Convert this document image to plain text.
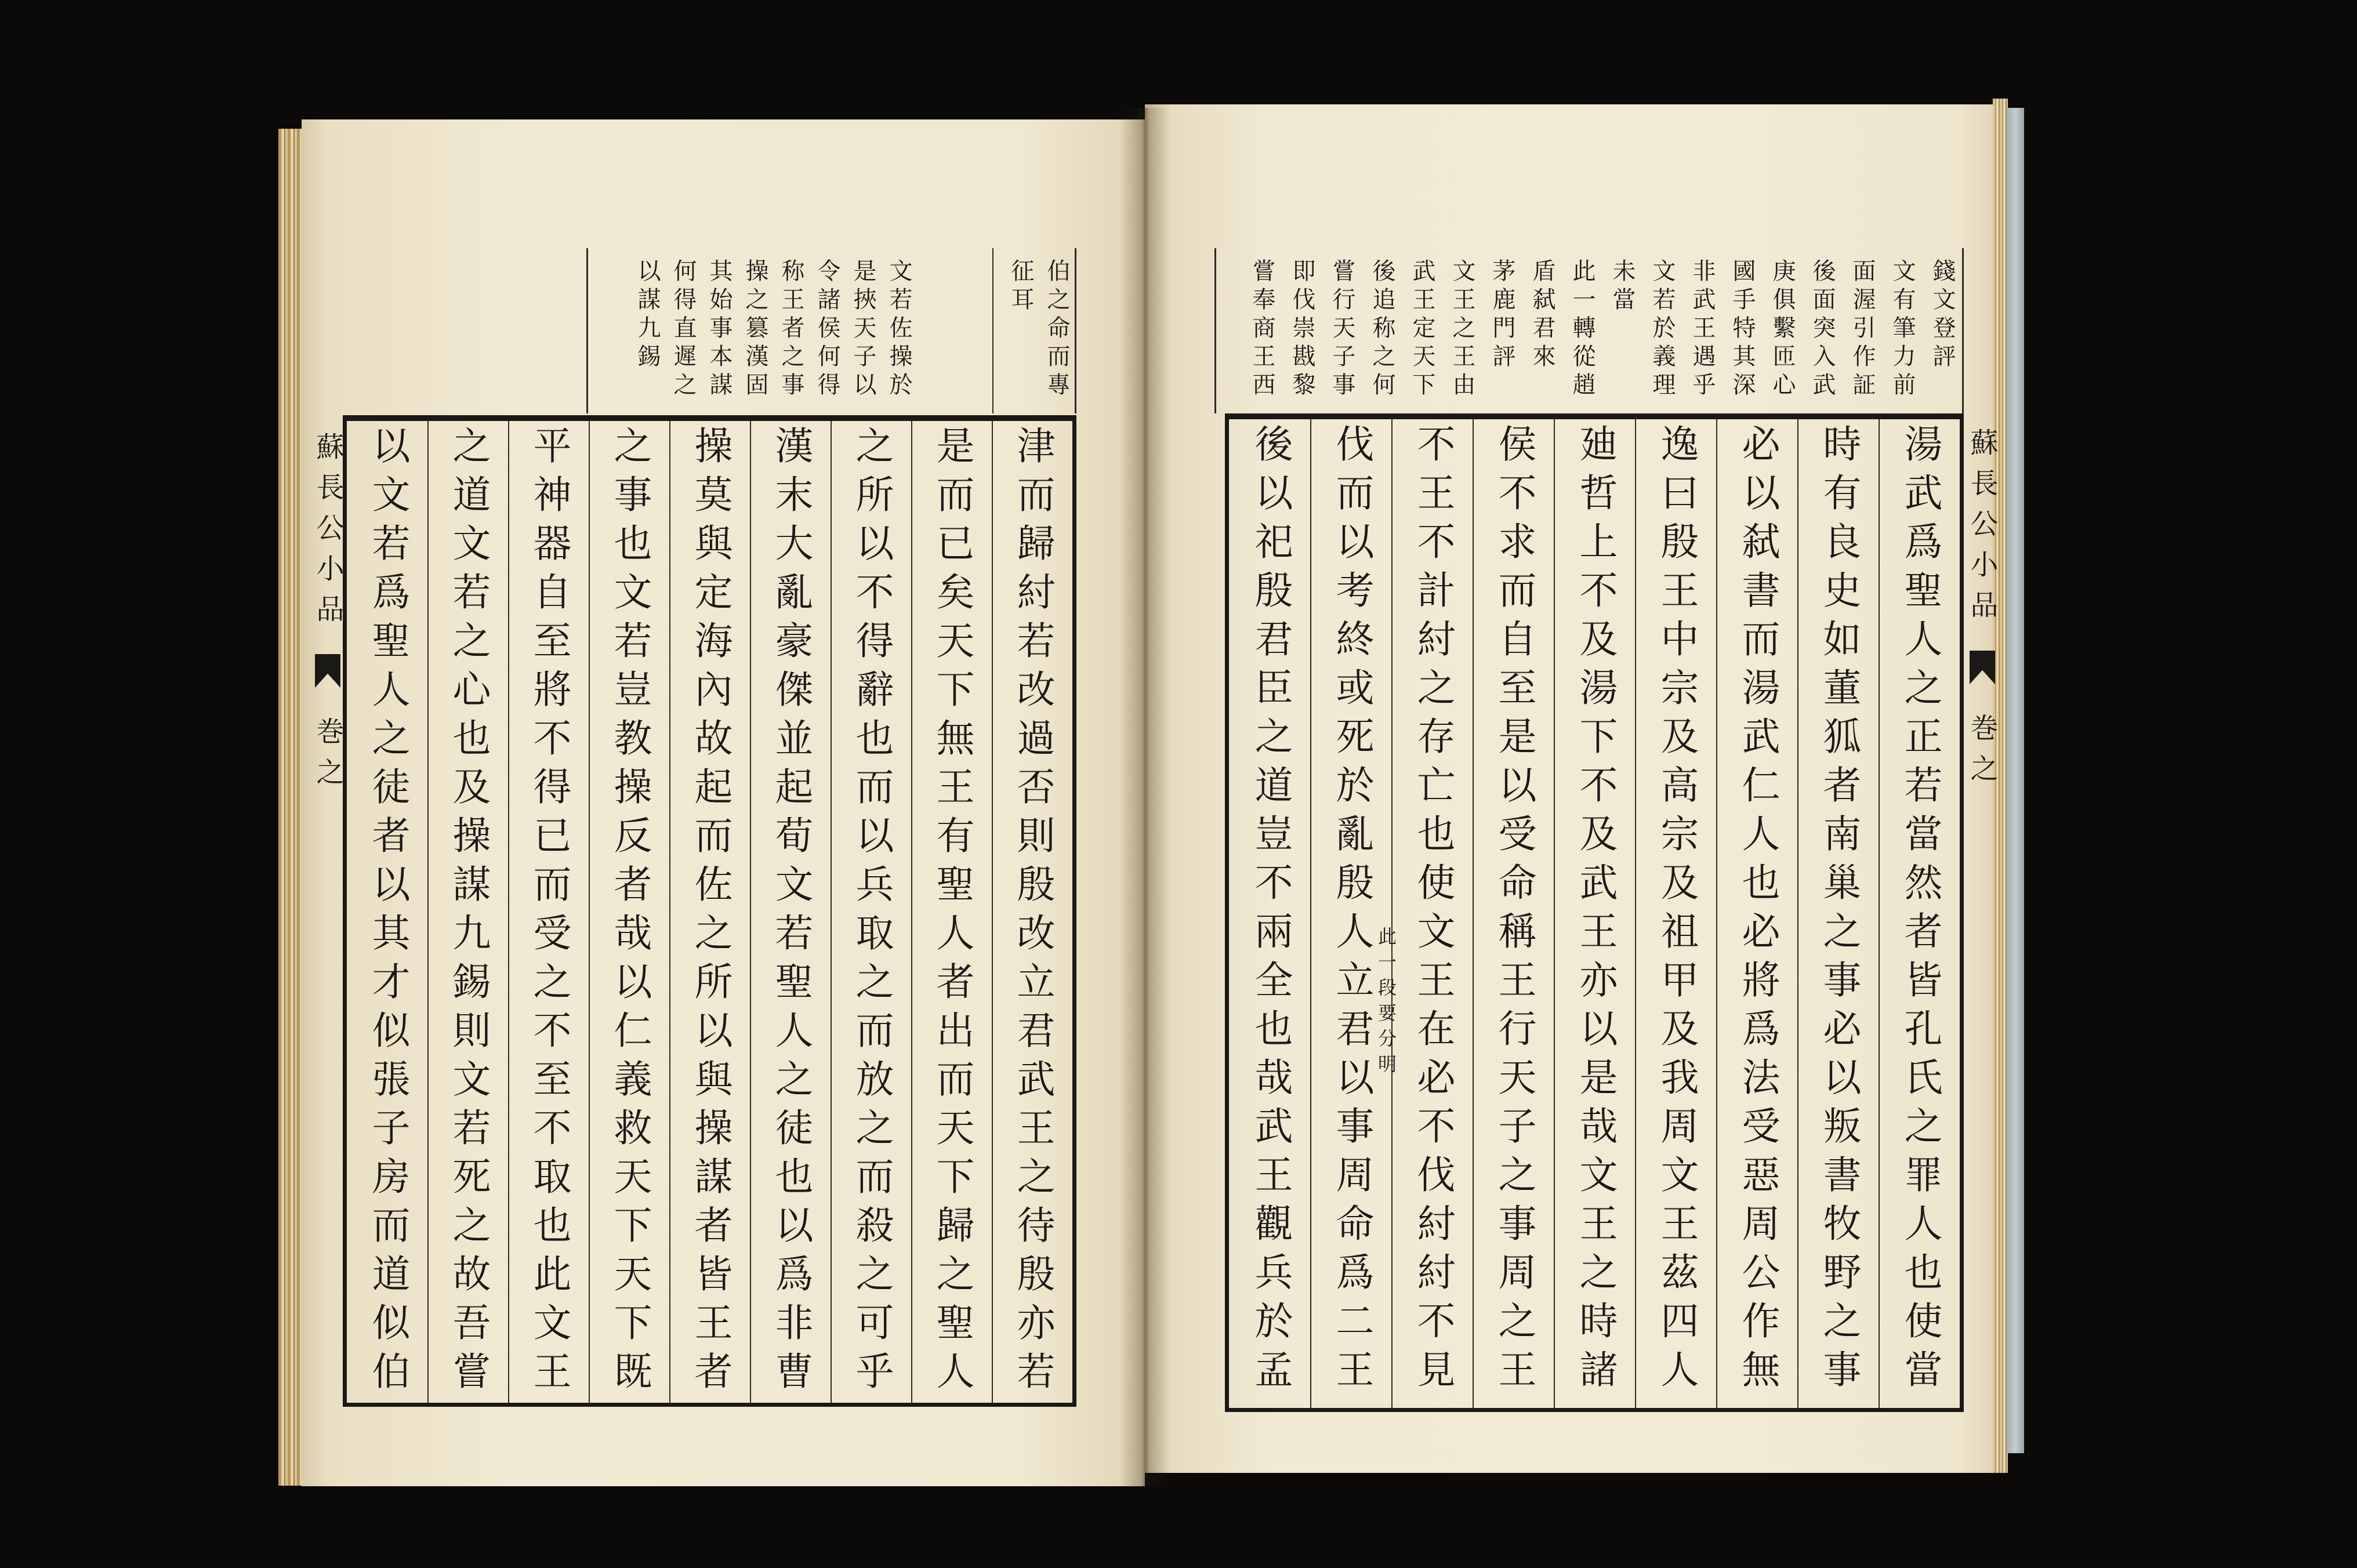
蘇長公小品
巻之
伯之命而專
征耳
文若佐操於
是挾天子以
令諸侯何得
称王者之事
操之篡漢固
其始事本謀
何得直遲之
以謀九錫
津而歸紂若改過否則殷改立君武王之待殷亦若
是而已矣天下無王有聖人者出而天下歸之聖人
之所以不得辭也而以兵取之而放之而殺之可乎
漢末大亂豪傑並起荀文若聖人之徒也以爲非曹
操莫與定海內故起而佐之所以與操謀者皆王者
之事也文若豈教操反者哉以仁義救天下天下既
平神器自至將不得已而受之不至不取也此文王
之道文若之心也及操謀九錫則文若死之故吾嘗
以文若爲聖人之徒者以其才似張子房而道似伯
錢文登評
文有筆力前
面渥引作証
後面突入武
庚俱繫匝心
國手特其深
非武王遇乎
文若於義理
未當
此一轉從趙
盾弑君來
茅鹿門評
文王之王由
武王定天下
後追称之何
嘗行天子事
即伐崇戡黎
嘗奉商王西
湯武爲聖人之正若當然者皆孔氏之罪人也使當
時有良史如董狐者南巢之事必以叛書牧野之事
必以弑書而湯武仁人也必將爲法受惡周公作無
逸曰殷王中宗及高宗及祖甲及我周文王茲四人
廸哲上不及湯下不及武王亦以是哉文王之時諸
侯不求而自至是以受命稱王行天子之事周之王
不王不計紂之存亡也使文王在必不伐紂紂不見
伐而以考終或死於亂殷人立君以事周命爲二王
後以祀殷君臣之道豈不兩全也哉武王觀兵於孟	此一段要分明
蘇長公小品
巻之
